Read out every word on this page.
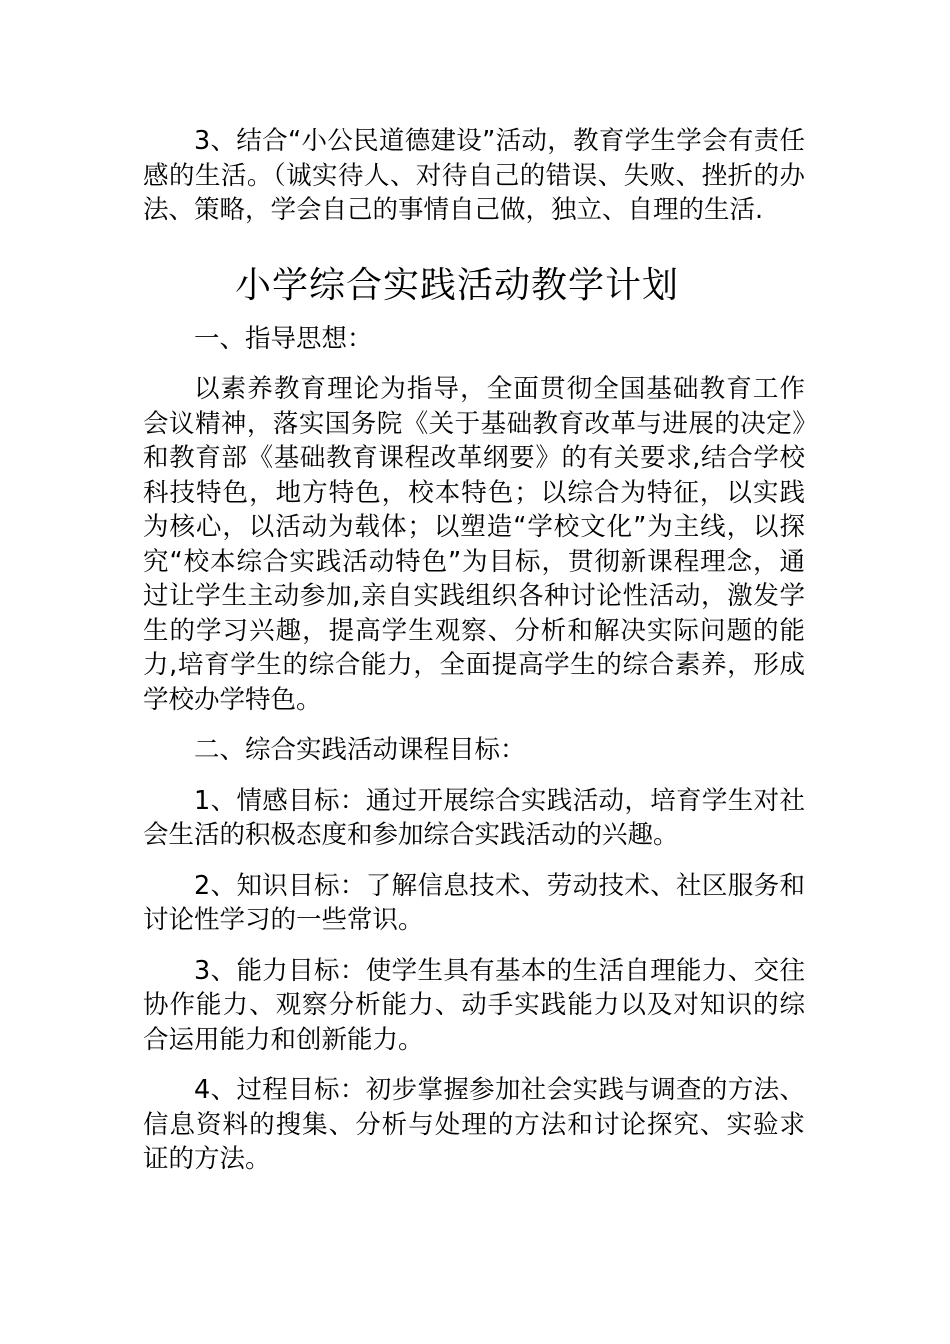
3、结合“小公民道德建设”活动，教育学生学会有责任感的生活。（诚实待人、对待自己的错误、失败、挫折的办法、策略，学会自己的事情自己做，独立、自理的生活.

小学综合实践活动教学计划

一、指导思想：

以素养教育理论为指导，全面贯彻全国基础教育工作会议精神，落实国务院《关于基础教育改革与进展的决定》和教育部《基础教育课程改革纲要》的有关要求,结合学校科技特色，地方特色，校本特色；以综合为特征，以实践为核心，以活动为载体；以塑造“学校文化”为主线，以探究“校本综合实践活动特色”为目标，贯彻新课程理念，通过让学生主动参加,亲自实践组织各种讨论性活动，激发学生的学习兴趣，提高学生观察、分析和解决实际问题的能力,培育学生的综合能力，全面提高学生的综合素养，形成学校办学特色。

二、综合实践活动课程目标：

1、情感目标：通过开展综合实践活动，培育学生对社会生活的积极态度和参加综合实践活动的兴趣。

2、知识目标：了解信息技术、劳动技术、社区服务和讨论性学习的一些常识。

3、能力目标：使学生具有基本的生活自理能力、交往协作能力、观察分析能力、动手实践能力以及对知识的综合运用能力和创新能力。

4、过程目标：初步掌握参加社会实践与调查的方法、信息资料的搜集、分析与处理的方法和讨论探究、实验求证的方法。
